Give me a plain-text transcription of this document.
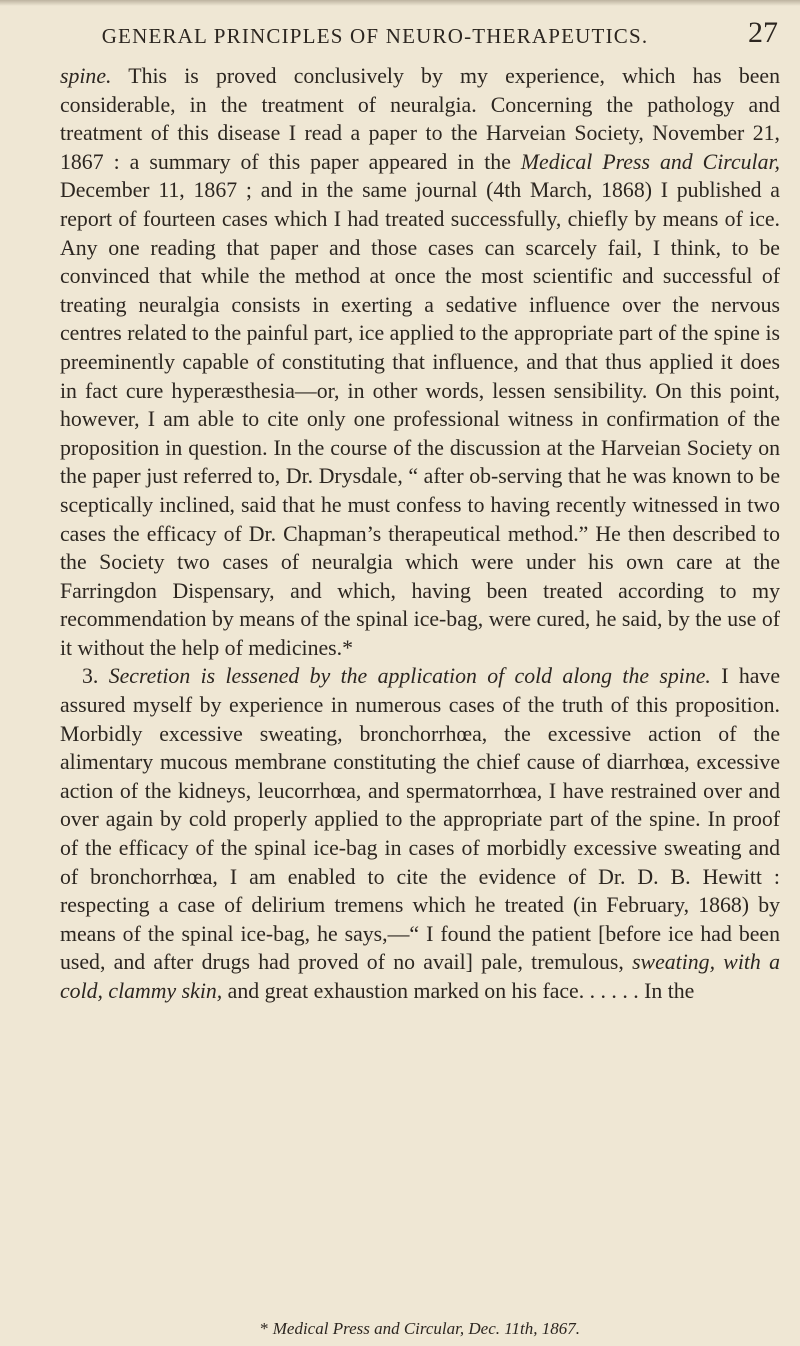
GENERAL PRINCIPLES OF NEURO-THERAPEUTICS.	27

spine. This is proved conclusively by my experience, which has been considerable, in the treatment of neuralgia. Concerning the pathology and treatment of this disease I read a paper to the Harveian Society, November 21, 1867 : a summary of this paper appeared in the Medical Press and Circular, December 11, 1867 ; and in the same journal (4th March, 1868) I published a report of fourteen cases which I had treated successfully, chiefly by means of ice. Any one reading that paper and those cases can scarcely fail, I think, to be convinced that while the method at once the most scientific and successful of treating neuralgia consists in exerting a sedative influence over the nervous centres related to the painful part, ice applied to the appropriate part of the spine is preeminently capable of constituting that influence, and that thus applied it does in fact cure hyperæsthesia—or, in other words, lessen sensibility. On this point, however, I am able to cite only one professional witness in confirmation of the proposition in question. In the course of the discussion at the Harveian Society on the paper just referred to, Dr. Drysdale, “ after ob-serving that he was known to be sceptically inclined, said that he must confess to having recently witnessed in two cases the efficacy of Dr. Chapman’s therapeutical method.” He then described to the Society two cases of neuralgia which were under his own care at the Farringdon Dispensary, and which, having been treated according to my recommendation by means of the spinal ice-bag, were cured, he said, by the use of it without the help of medicines.*

3. Secretion is lessened by the application of cold along the spine. I have assured myself by experience in numerous cases of the truth of this proposition. Morbidly excessive sweating, bronchorrhœa, the excessive action of the alimentary mucous membrane constituting the chief cause of diarrhœa, excessive action of the kidneys, leucorrhœa, and spermatorrhœa, I have restrained over and over again by cold properly applied to the appropriate part of the spine. In proof of the efficacy of the spinal ice-bag in cases of morbidly excessive sweating and of bronchorrhœa, I am enabled to cite the evidence of Dr. D. B. Hewitt : respecting a case of delirium tremens which he treated (in February, 1868) by means of the spinal ice-bag, he says,—“ I found the patient [before ice had been used, and after drugs had proved of no avail] pale, tremulous, sweating, with a cold, clammy skin, and great exhaustion marked on his face. . . . . . In the

* Medical Press and Circular, Dec. 11th, 1867.
